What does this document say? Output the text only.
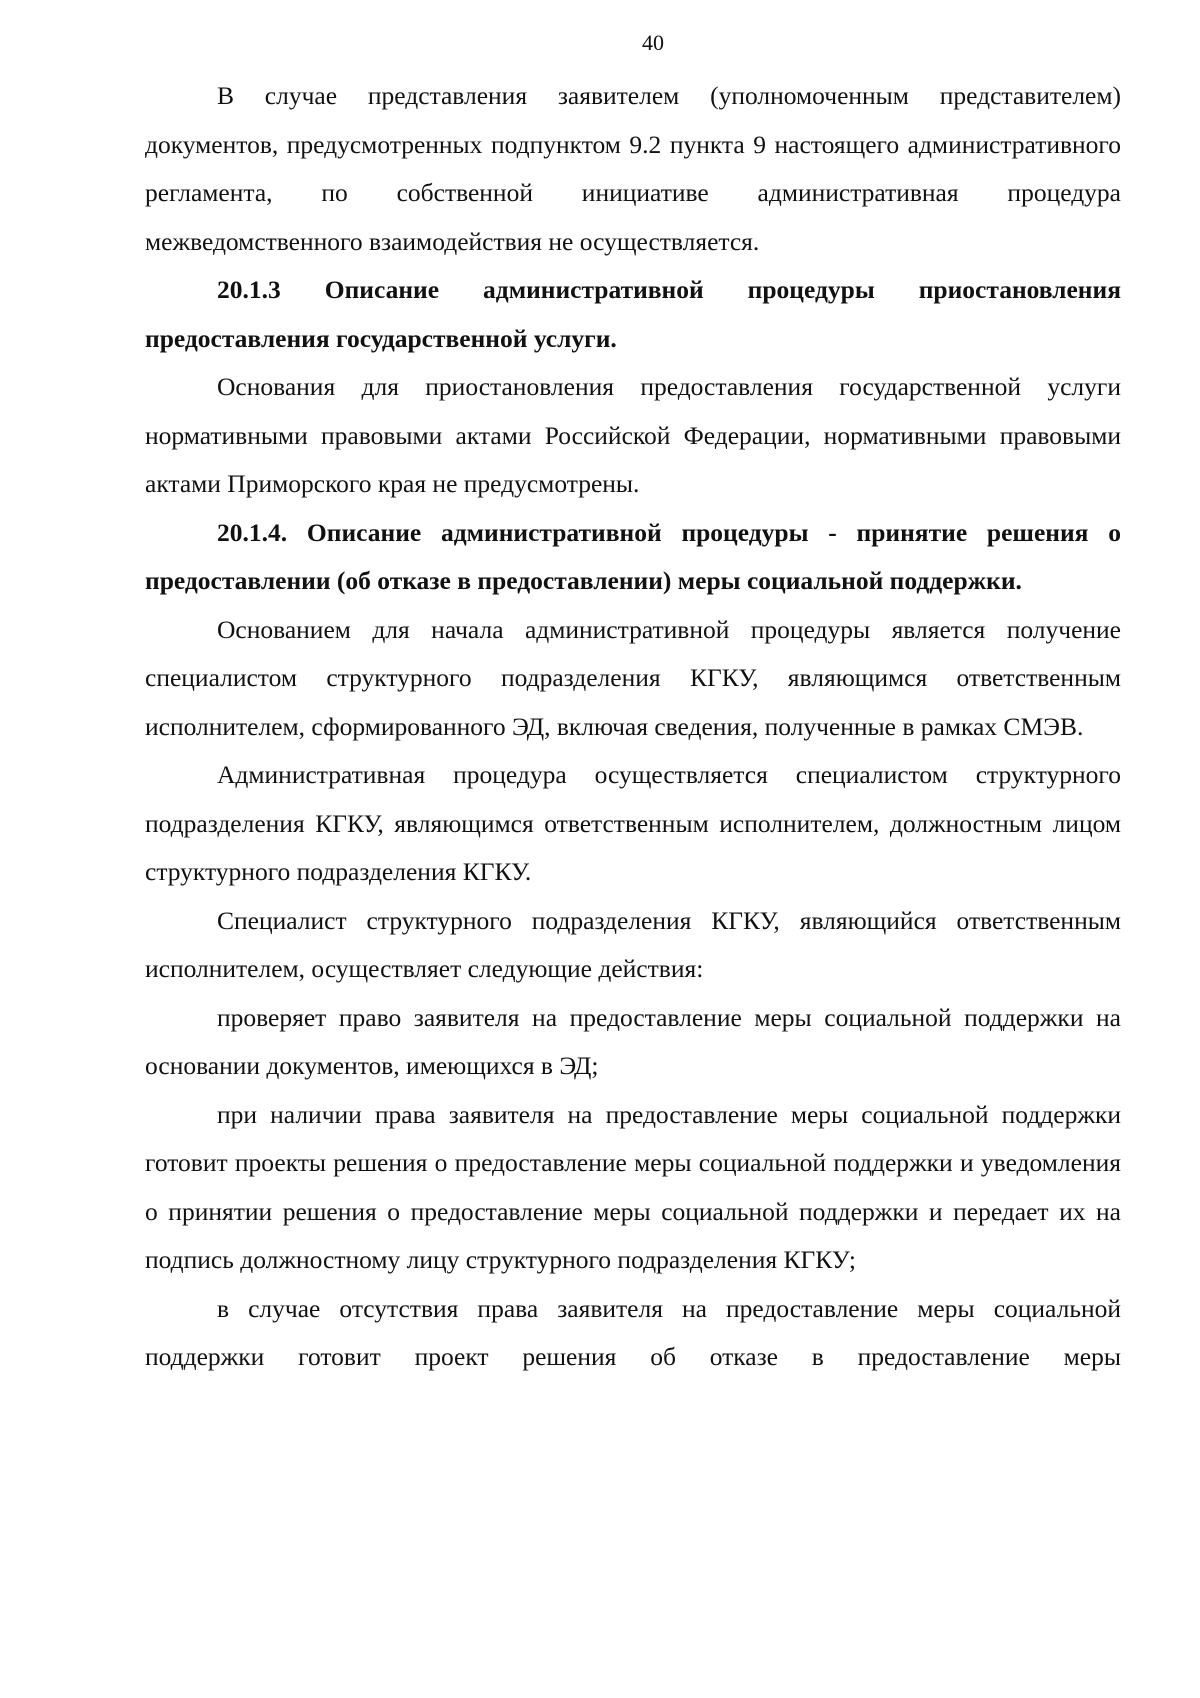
40

В случае представления заявителем (уполномоченным представителем) документов, предусмотренных подпунктом 9.2 пункта 9 настоящего административного регламента, по собственной инициативе административная процедура межведомственного взаимодействия не осуществляется.

20.1.3 Описание административной процедуры приостановления предоставления государственной услуги.

Основания для приостановления предоставления государственной услуги нормативными правовыми актами Российской Федерации, нормативными правовыми актами Приморского края не предусмотрены.

20.1.4. Описание административной процедуры - принятие решения о предоставлении (об отказе в предоставлении) меры социальной поддержки.

Основанием для начала административной процедуры является получение специалистом структурного подразделения КГКУ, являющимся ответственным исполнителем, сформированного ЭД, включая сведения, полученные в рамках СМЭВ.

Административная процедура осуществляется специалистом структурного подразделения КГКУ, являющимся ответственным исполнителем, должностным лицом структурного подразделения КГКУ.

Специалист структурного подразделения КГКУ, являющийся ответственным исполнителем, осуществляет следующие действия:

проверяет право заявителя на предоставление меры социальной поддержки на основании документов, имеющихся в ЭД;

при наличии права заявителя на предоставление меры социальной поддержки готовит проекты решения о предоставление меры социальной поддержки и уведомления о принятии решения о предоставление меры социальной поддержки и передает их на подпись должностному лицу структурного подразделения КГКУ;

в случае отсутствия права заявителя на предоставление меры социальной поддержки готовит проект решения об отказе в предоставление меры
